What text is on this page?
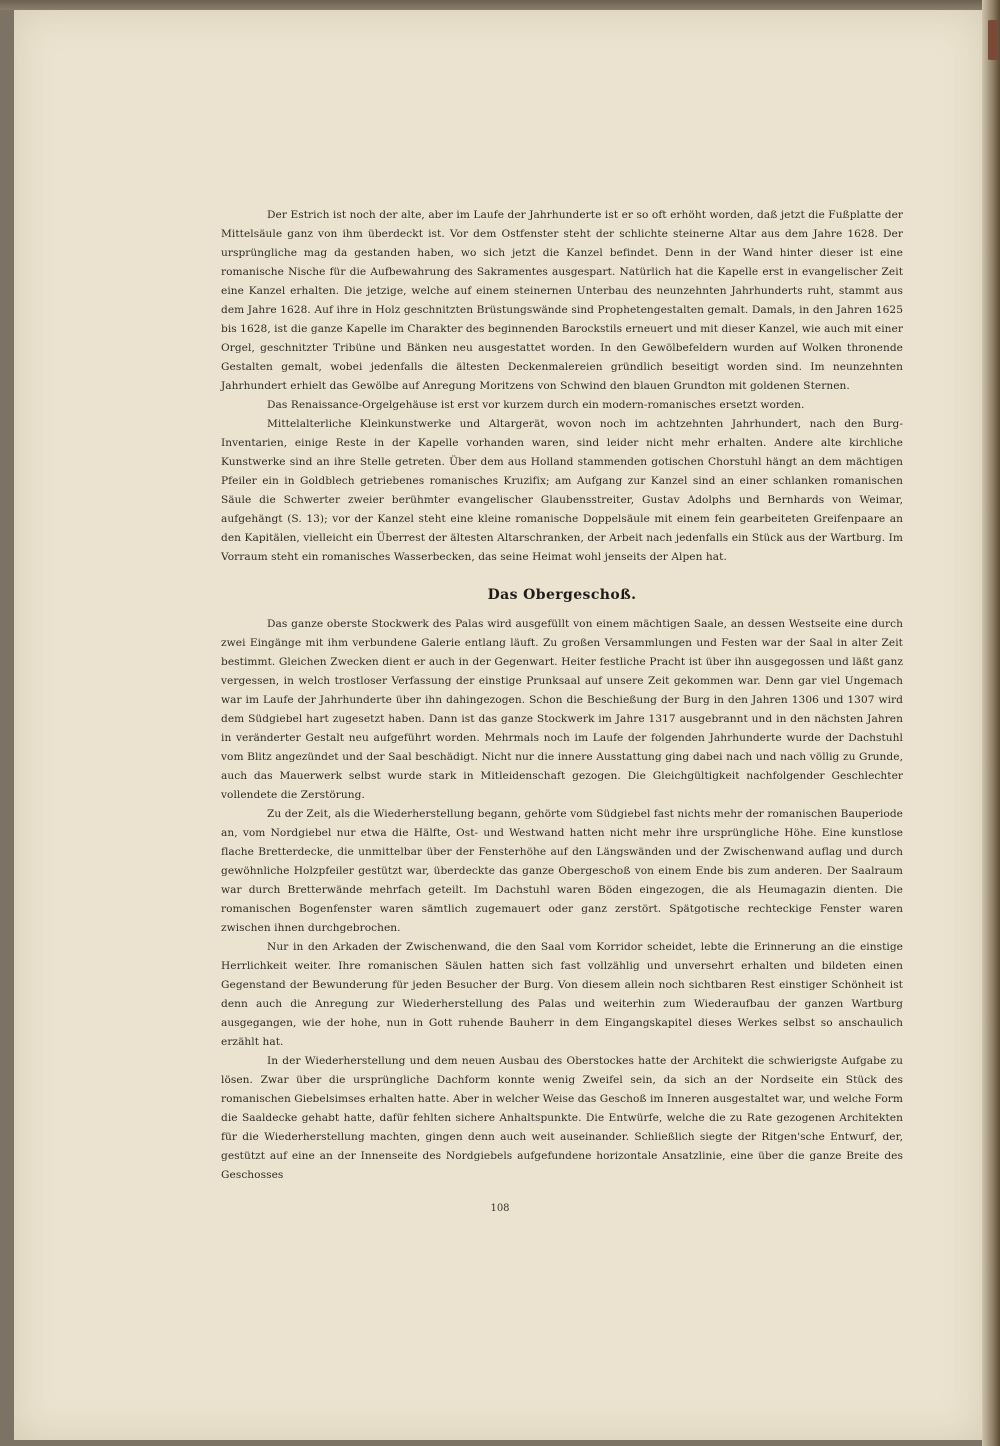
Der Estrich ist noch der alte, aber im Laufe der Jahrhunderte ist er so oft erhöht worden, daß jetzt die Fußplatte der Mittelsäule ganz von ihm überdeckt ist. Vor dem Ostfenster steht der schlichte steinerne Altar aus dem Jahre 1628. Der ursprüngliche mag da gestanden haben, wo sich jetzt die Kanzel befindet. Denn in der Wand hinter dieser ist eine romanische Nische für die Aufbewahrung des Sakramentes ausgespart. Natürlich hat die Kapelle erst in evangelischer Zeit eine Kanzel erhalten. Die jetzige, welche auf einem steinernen Unterbau des neunzehnten Jahrhunderts ruht, stammt aus dem Jahre 1628. Auf ihre in Holz geschnitzten Brüstungswände sind Prophetengestalten gemalt. Damals, in den Jahren 1625 bis 1628, ist die ganze Kapelle im Charakter des beginnenden Barockstils erneuert und mit dieser Kanzel, wie auch mit einer Orgel, geschnitzter Tribüne und Bänken neu ausgestattet worden. In den Gewölbefeldern wurden auf Wolken thronende Gestalten gemalt, wobei jedenfalls die ältesten Deckenmalereien gründlich beseitigt worden sind. Im neunzehnten Jahrhundert erhielt das Gewölbe auf Anregung Moritzens von Schwind den blauen Grundton mit goldenen Sternen.

Das Renaissance-Orgelgehäuse ist erst vor kurzem durch ein modern-romanisches ersetzt worden.

Mittelalterliche Kleinkunstwerke und Altargerät, wovon noch im achtzehnten Jahrhundert, nach den Burg-Inventarien, einige Reste in der Kapelle vorhanden waren, sind leider nicht mehr erhalten. Andere alte kirchliche Kunstwerke sind an ihre Stelle getreten. Über dem aus Holland stammenden gotischen Chorstuhl hängt an dem mächtigen Pfeiler ein in Goldblech getriebenes romanisches Kruzifix; am Aufgang zur Kanzel sind an einer schlanken romanischen Säule die Schwerter zweier berühmter evangelischer Glaubensstreiter, Gustav Adolphs und Bernhards von Weimar, aufgehängt (S. 13); vor der Kanzel steht eine kleine romanische Doppelsäule mit einem fein gearbeiteten Greifenpaare an den Kapitälen, vielleicht ein Überrest der ältesten Altarschranken, der Arbeit nach jedenfalls ein Stück aus der Wartburg. Im Vorraum steht ein romanisches Wasserbecken, das seine Heimat wohl jenseits der Alpen hat.

Das Obergeschoß.

Das ganze oberste Stockwerk des Palas wird ausgefüllt von einem mächtigen Saale, an dessen Westseite eine durch zwei Eingänge mit ihm verbundene Galerie entlang läuft. Zu großen Versammlungen und Festen war der Saal in alter Zeit bestimmt. Gleichen Zwecken dient er auch in der Gegenwart. Heiter festliche Pracht ist über ihn ausgegossen und läßt ganz vergessen, in welch trostloser Verfassung der einstige Prunksaal auf unsere Zeit gekommen war. Denn gar viel Ungemach war im Laufe der Jahrhunderte über ihn dahingezogen. Schon die Beschießung der Burg in den Jahren 1306 und 1307 wird dem Südgiebel hart zugesetzt haben. Dann ist das ganze Stockwerk im Jahre 1317 ausgebrannt und in den nächsten Jahren in veränderter Gestalt neu aufgeführt worden. Mehrmals noch im Laufe der folgenden Jahrhunderte wurde der Dachstuhl vom Blitz angezündet und der Saal beschädigt. Nicht nur die innere Ausstattung ging dabei nach und nach völlig zu Grunde, auch das Mauerwerk selbst wurde stark in Mitleidenschaft gezogen. Die Gleichgültigkeit nachfolgender Geschlechter vollendete die Zerstörung.

Zu der Zeit, als die Wiederherstellung begann, gehörte vom Südgiebel fast nichts mehr der romanischen Bauperiode an, vom Nordgiebel nur etwa die Hälfte, Ost- und Westwand hatten nicht mehr ihre ursprüngliche Höhe. Eine kunstlose flache Bretterdecke, die unmittelbar über der Fensterhöhe auf den Längswänden und der Zwischenwand auflag und durch gewöhnliche Holzpfeiler gestützt war, überdeckte das ganze Obergeschoß von einem Ende bis zum anderen. Der Saalraum war durch Bretterwände mehrfach geteilt. Im Dachstuhl waren Böden eingezogen, die als Heumagazin dienten. Die romanischen Bogenfenster waren sämtlich zugemauert oder ganz zerstört. Spätgotische rechteckige Fenster waren zwischen ihnen durchgebrochen.

Nur in den Arkaden der Zwischenwand, die den Saal vom Korridor scheidet, lebte die Erinnerung an die einstige Herrlichkeit weiter. Ihre romanischen Säulen hatten sich fast vollzählig und unversehrt erhalten und bildeten einen Gegenstand der Bewunderung für jeden Besucher der Burg. Von diesem allein noch sichtbaren Rest einstiger Schönheit ist denn auch die Anregung zur Wiederherstellung des Palas und weiterhin zum Wiederaufbau der ganzen Wartburg ausgegangen, wie der hohe, nun in Gott ruhende Bauherr in dem Eingangskapitel dieses Werkes selbst so anschaulich erzählt hat.

In der Wiederherstellung und dem neuen Ausbau des Oberstockes hatte der Architekt die schwierigste Aufgabe zu lösen. Zwar über die ursprüngliche Dachform konnte wenig Zweifel sein, da sich an der Nordseite ein Stück des romanischen Giebelsimses erhalten hatte. Aber in welcher Weise das Geschoß im Inneren ausgestaltet war, und welche Form die Saaldecke gehabt hatte, dafür fehlten sichere Anhaltspunkte. Die Entwürfe, welche die zu Rate gezogenen Architekten für die Wiederherstellung machten, gingen denn auch weit auseinander. Schließlich siegte der Ritgen'sche Entwurf, der, gestützt auf eine an der Innenseite des Nordgiebels aufgefundene horizontale Ansatzlinie, eine über die ganze Breite des Geschosses

108
